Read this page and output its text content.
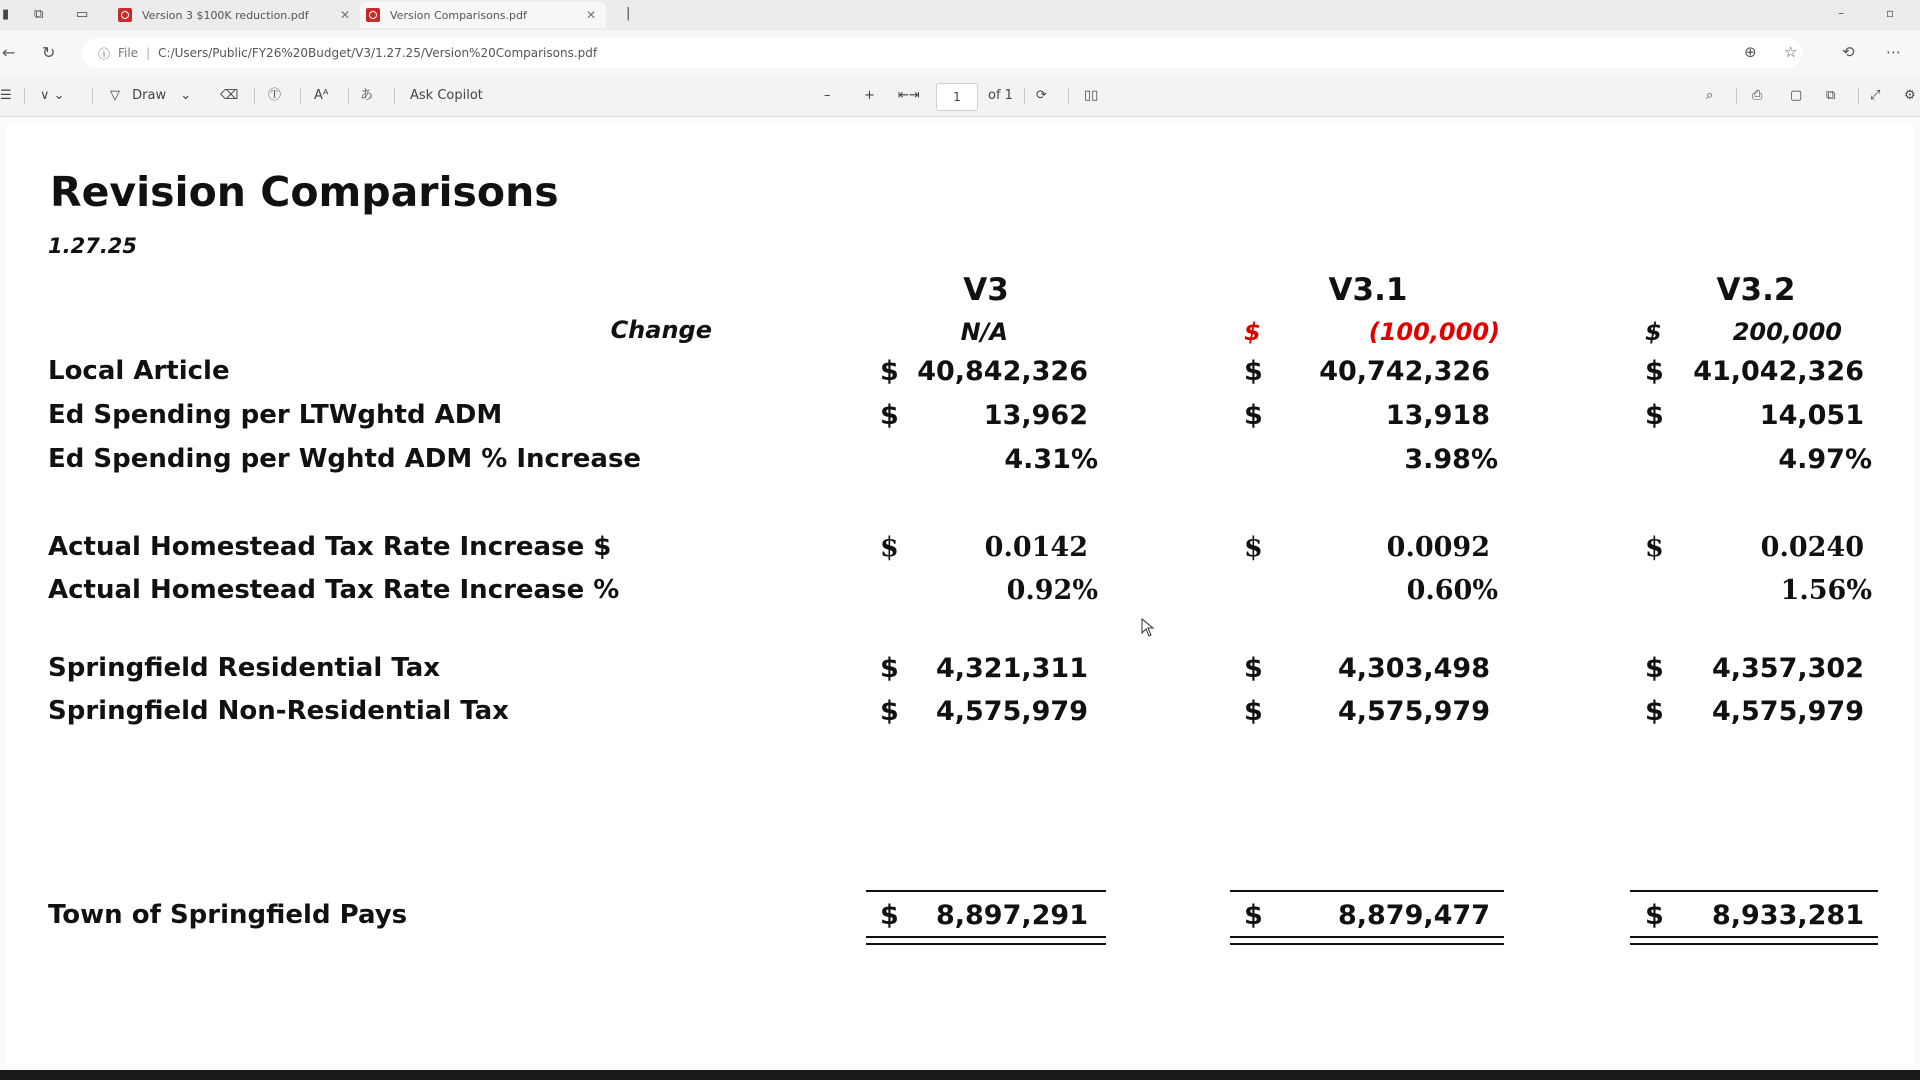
▮ ⧉	▭	Version 3 $100K reduction.pdf	✕	Version Comparisons.pdf	✕ |	–	▫
← ↻	ⓘ File | C:/Users/Public/FY26%20Budget/V3/1.27.25/Version%20Comparisons.pdf	⊕ ☆	⟲ ⋯
☰ ∨ ⌄	▽ Draw ⌄ ⌫ Ⓣ	Aᴬ あ	Ask Copilot	–	+ ⇤⇥	1	of 1 ⟳	▯▯	⌕	⎙ ▢ ⧉	⤢ ⚙
Revision Comparisons
1.27.25
V3	V3.1	V3.2
Change	N/A	$	(100,000)	$	200,000
Local Article	$ 40,842,326	$	40,742,326	$	41,042,326
Ed Spending per LTWghtd ADM	$	13,962	$	13,918	$	14,051
Ed Spending per Wghtd ADM % Increase	4.31%	3.98%	4.97%
Actual Homestead Tax Rate Increase $	$	0.0142	$	0.0092	$	0.0240
Actual Homestead Tax Rate Increase %	0.92%	0.60%	1.56%
Springfield Residential Tax	$	4,321,311	$	4,303,498	$	4,357,302
Springfield Non-Residential Tax	$	4,575,979	$	4,575,979	$	4,575,979
Town of Springfield Pays	$	8,897,291	$	8,879,477	$	8,933,281
